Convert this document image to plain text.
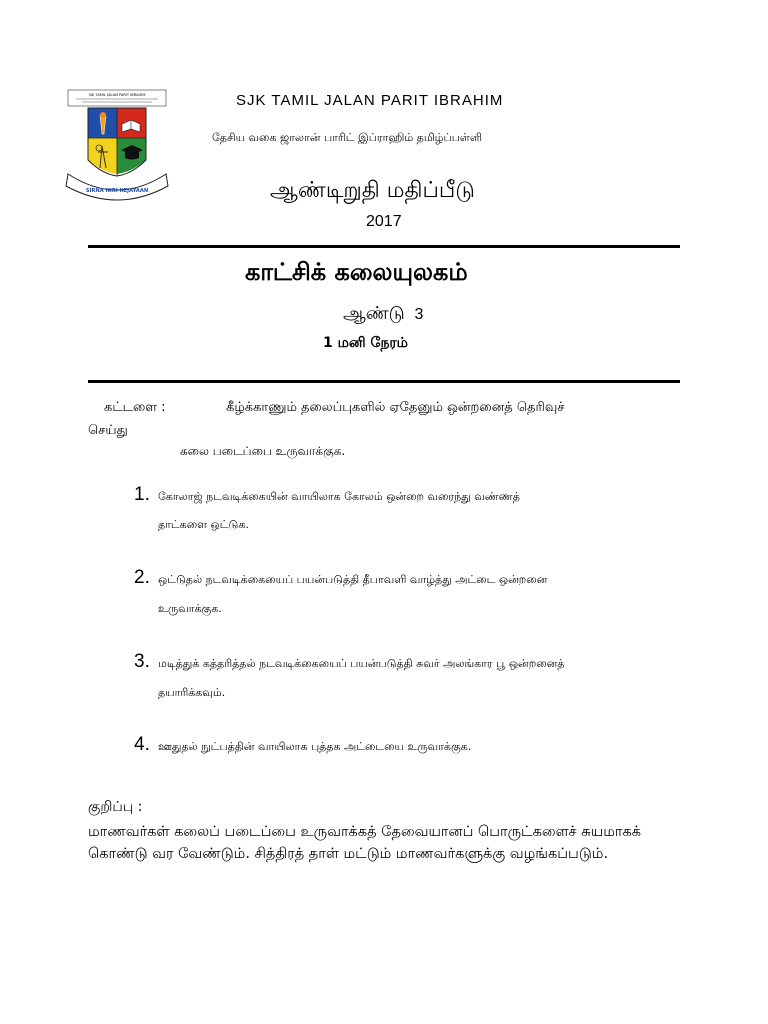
SJK TAMIL JALAN PARIT IBRAHIM
SIRNA NIRI KEJAYAAN
SJK TAMIL JALAN PARIT IBRAHIM
தேசிய வகை ஜாலான் பாரிட் இப்ராஹிம் தமிழ்ப்பள்ளி
ஆண்டிறுதி மதிப்பீடு
2017
காட்சிக் கலையுலகம்
ஆண்டு 3
1 மனி நேரம்
கட்டளை :	கீழ்க்காணும் தலைப்புகளில் ஏதேனும் ஒன்றனைத் தெரிவுச்
செய்து
கலை படைப்பை உருவாக்குக.
1. கோலாஜ் நடவடிக்கையின் வாயிலாக கோலம் ஒன்றை வரைந்து வண்ணத்
தாட்களை ஒட்டுக.
2. ஒட்டுதல் நடவடிக்கையைப் பயன்படுத்தி தீபாவளி வாழ்த்து அட்டை ஒன்றனை
உருவாக்குக.
3. மடித்துக் கத்தரித்தல் நடவடிக்கையைப் பயன்படுத்தி சுவர் அலங்கார பூ ஒன்றனைத்
தயாரிக்கவும்.
4. ஊதுதல் நுட்பத்தின் வாயிலாக புத்தக அட்டையை உருவாக்குக.
குறிப்பு :
மாணவர்கள் கலைப் படைப்பை உருவாக்கத் தேவையானப் பொருட்களைச் சுயமாகக் கொண்டு வர வேண்டும். சித்திரத் தாள் மட்டும் மாணவர்களுக்கு வழங்கப்படும்.
